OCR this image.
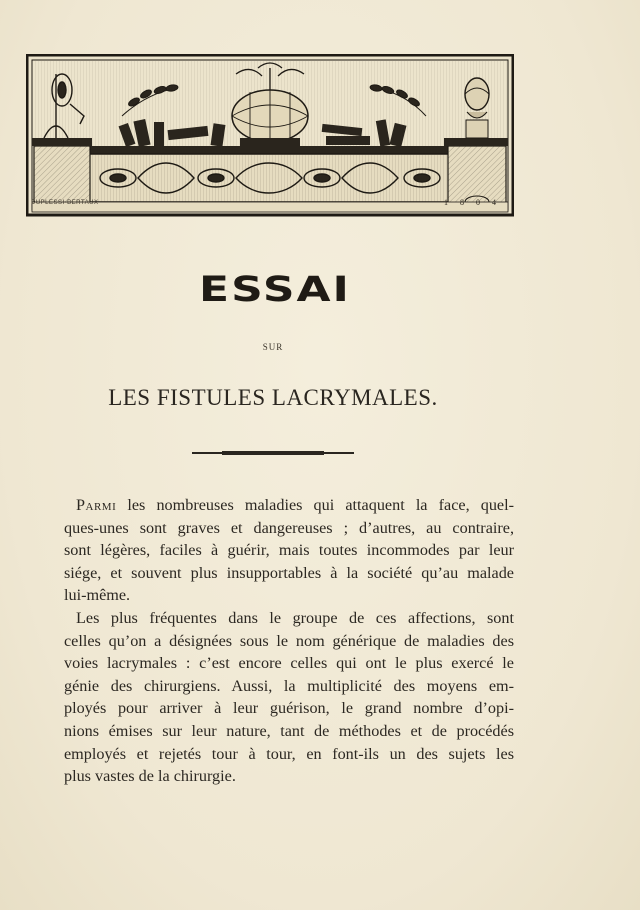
DUPLESSI-BERTAUX	1 8 0 4
ESSAI
SUR
LES FISTULES LACRYMALES.
Parmi les nombreuses maladies qui attaquent la face, quel-
ques-unes sont graves et dangereuses ; d’autres, au contraire,
sont légères, faciles à guérir, mais toutes incommodes par leur
siége, et souvent plus insupportables à la société qu’au malade
lui-même.
Les plus fréquentes dans le groupe de ces affections, sont
celles qu’on a désignées sous le nom générique de maladies des
voies lacrymales : c’est encore celles qui ont le plus exercé le
génie des chirurgiens. Aussi, la multiplicité des moyens em-
ployés pour arriver à leur guérison, le grand nombre d’opi-
nions émises sur leur nature, tant de méthodes et de procédés
employés et rejetés tour à tour, en font-ils un des sujets les
plus vastes de la chirurgie.
